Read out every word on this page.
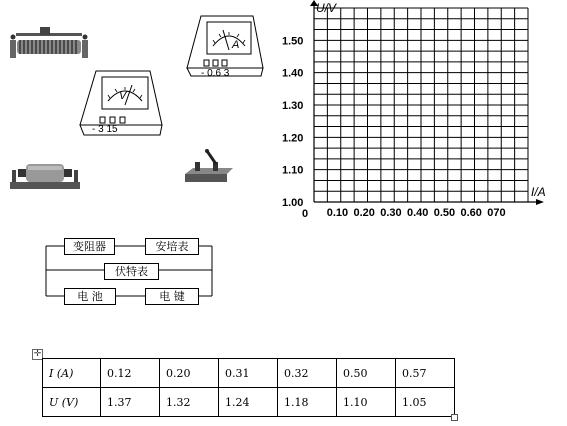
A
- 0.6 3
V
- 3 15
U/V
I/A
0
1.50
1.40
1.30
1.20
1.10
1.00
0.10 0.20 0.30 0.40 0.50 0.60 070
变阻器	安培表
伏特表
电 池	电 键
✛
I (A)	0.12	0.20	0.31	0.32	0.50	0.57
U (V)	1.37	1.32	1.24	1.18	1.10	1.05
